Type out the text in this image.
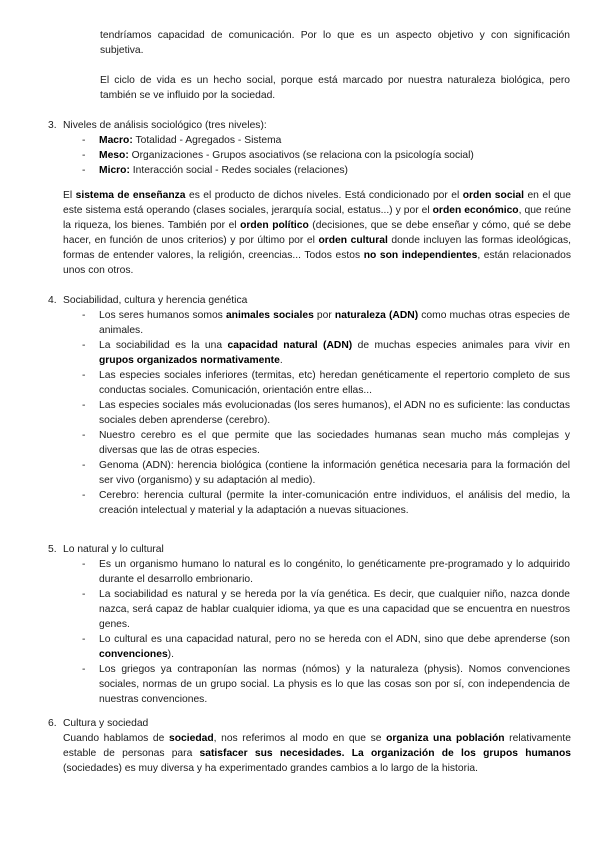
tendríamos capacidad de comunicación. Por lo que es un aspecto objetivo y con significación subjetiva.

El ciclo de vida es un hecho social, porque está marcado por nuestra naturaleza biológica, pero también se ve influido por la sociedad.

3. Niveles de análisis sociológico (tres niveles):

- Macro: Totalidad - Agregados - Sistema
- Meso: Organizaciones - Grupos asociativos (se relaciona con la psicología social)
- Micro: Interacción social - Redes sociales (relaciones)

El sistema de enseñanza es el producto de dichos niveles. Está condicionado por el orden social en el que este sistema está operando (clases sociales, jerarquía social, estatus...) y por el orden económico, que reúne la riqueza, los bienes. También por el orden político (decisiones, que se debe enseñar y cómo, qué se debe hacer, en función de unos criterios) y por último por el orden cultural donde incluyen las formas ideológicas, formas de entender valores, la religión, creencias... Todos estos no son independientes, están relacionados unos con otros.

4. Sociabilidad, cultura y herencia genética

- Los seres humanos somos animales sociales por naturaleza (ADN) como muchas otras especies de animales.
- La sociabilidad es la una capacidad natural (ADN) de muchas especies animales para vivir en grupos organizados normativamente.
- Las especies sociales inferiores (termitas, etc) heredan genéticamente el repertorio completo de sus conductas sociales. Comunicación, orientación entre ellas...
- Las especies sociales más evolucionadas (los seres humanos), el ADN no es suficiente: las conductas sociales deben aprenderse (cerebro).
- Nuestro cerebro es el que permite que las sociedades humanas sean mucho más complejas y diversas que las de otras especies.
- Genoma (ADN): herencia biológica (contiene la información genética necesaria para la formación del ser vivo (organismo) y su adaptación al medio).
- Cerebro: herencia cultural (permite la inter-comunicación entre individuos, el análisis del medio, la creación intelectual y material y la adaptación a nuevas situaciones.
5. Lo natural y lo cultural

- Es un organismo humano lo natural es lo congénito, lo genéticamente pre-programado y lo adquirido durante el desarrollo embrionario.
- La sociabilidad es natural y se hereda por la vía genética. Es decir, que cualquier niño, nazca donde nazca, será capaz de hablar cualquier idioma, ya que es una capacidad que se encuentra en nuestros genes.
- Lo cultural es una capacidad natural, pero no se hereda con el ADN, sino que debe aprenderse (son convenciones).
- Los griegos ya contraponían las normas (nómos) y la naturaleza (physis). Nomos convenciones sociales, normas de un grupo social. La physis es lo que las cosas son por sí, con independencia de nuestras convenciones.
6. Cultura y sociedad

Cuando hablamos de sociedad, nos referimos al modo en que se organiza una población relativamente estable de personas para satisfacer sus necesidades. La organización de los grupos humanos (sociedades) es muy diversa y ha experimentado grandes cambios a lo largo de la historia.
